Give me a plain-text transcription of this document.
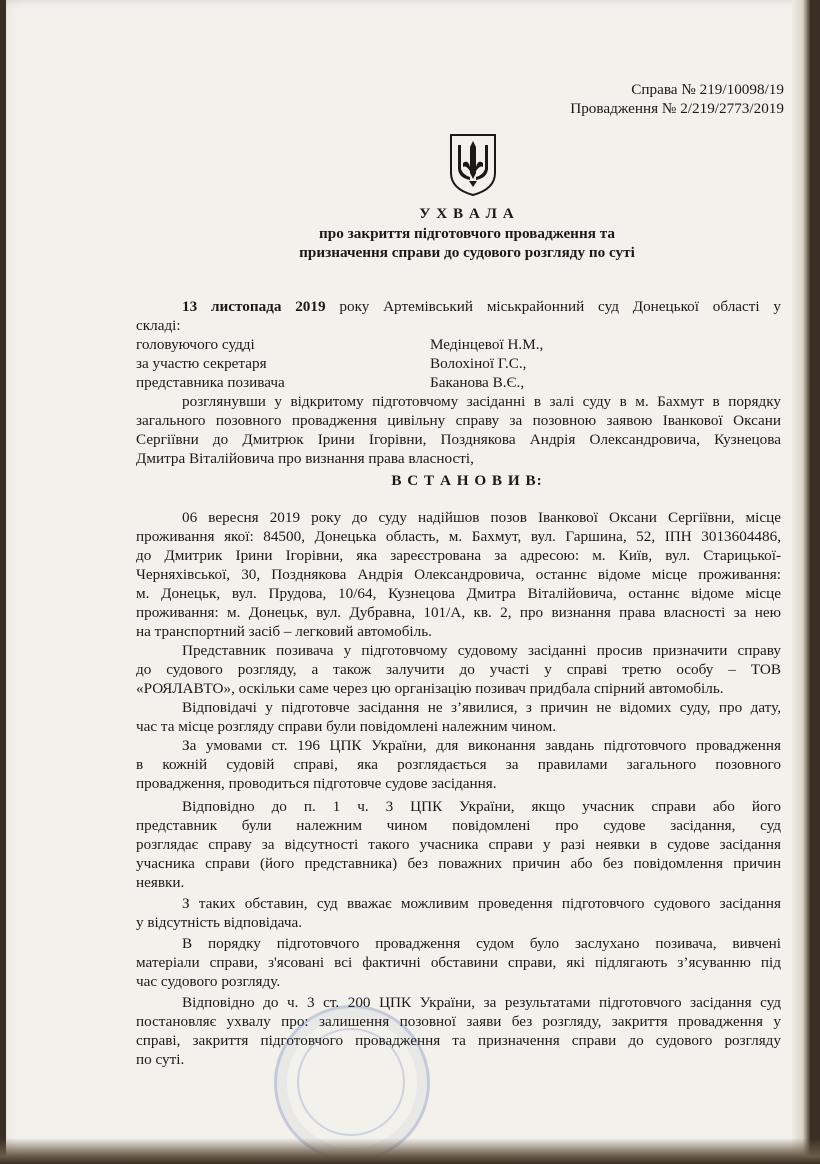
Справа № 219/10098/19
Провадження № 2/219/2773/2019
У Х В А Л А
про закриття підготовчого провадження та
призначення справи до судового розгляду по суті
13 листопада 2019 року Артемівський міськрайонний суд Донецької області у
складі:
головуючого судді	Медінцевої Н.М.,
за участю секретаря	Волохіної Г.С.,
представника позивача	Баканова В.Є.,
розглянувши у відкритому підготовчому засіданні в залі суду в м. Бахмут в порядку
загального позовного провадження цивільну справу за позовною заявою Іванкової Оксани
Сергіївни до Дмитрюк Ірини Ігорівни, Позднякова Андрія Олександровича, Кузнецова
Дмитра Віталійовича про визнання права власності,
В С Т А Н О В И В:
06 вересня 2019 року до суду надійшов позов Іванкової Оксани Сергіївни, місце
проживання якої: 84500, Донецька область, м. Бахмут, вул. Гаршина, 52, ІПН 3013604486,
до Дмитрик Ірини Ігорівни, яка зареєстрована за адресою: м. Київ, вул. Старицької-
Черняхівської, 30, Позднякова Андрія Олександровича, останнє відоме місце проживання:
м. Донецьк, вул. Прудова, 10/64, Кузнецова Дмитра Віталійовича, останнє відоме місце
проживання: м. Донецьк, вул. Дубравна, 101/А, кв. 2, про визнання права власності за нею
на транспортний засіб – легковий автомобіль.
Представник позивача у підготовчому судовому засіданні просив призначити справу
до судового розгляду, а також залучити до участі у справі третю особу – ТОВ
«РОЯЛАВТО», оскільки саме через цю організацію позивач придбала спірний автомобіль.
Відповідачі у підготовче засідання не з’явилися, з причин не відомих суду, про дату,
час та місце розгляду справи були повідомлені належним чином.
За умовами ст. 196 ЦПК України, для виконання завдань підготовчого провадження
в кожній судовій справі, яка розглядається за правилами загального позовного
провадження, проводиться підготовче судове засідання.
Відповідно до п. 1 ч. 3 ЦПК України, якщо учасник справи або його
представник були належним чином повідомлені про судове засідання, суд
розглядає справу за відсутності такого учасника справи у разі неявки в судове засідання
учасника справи (його представника) без поважних причин або без повідомлення причин
неявки.
З таких обставин, суд вважає можливим проведення підготовчого судового засідання
у відсутність відповідача.
В порядку підготовчого провадження судом було заслухано позивача, вивчені
матеріали справи, з'ясовані всі фактичні обставини справи, які підлягають з’ясуванню під
час судового розгляду.
Відповідно до ч. 3 ст. 200 ЦПК України, за результатами підготовчого засідання суд
постановляє ухвалу про: залишення позовної заяви без розгляду, закриття провадження у
справі, закриття підготовчого провадження та призначення справи до судового розгляду
по суті.
